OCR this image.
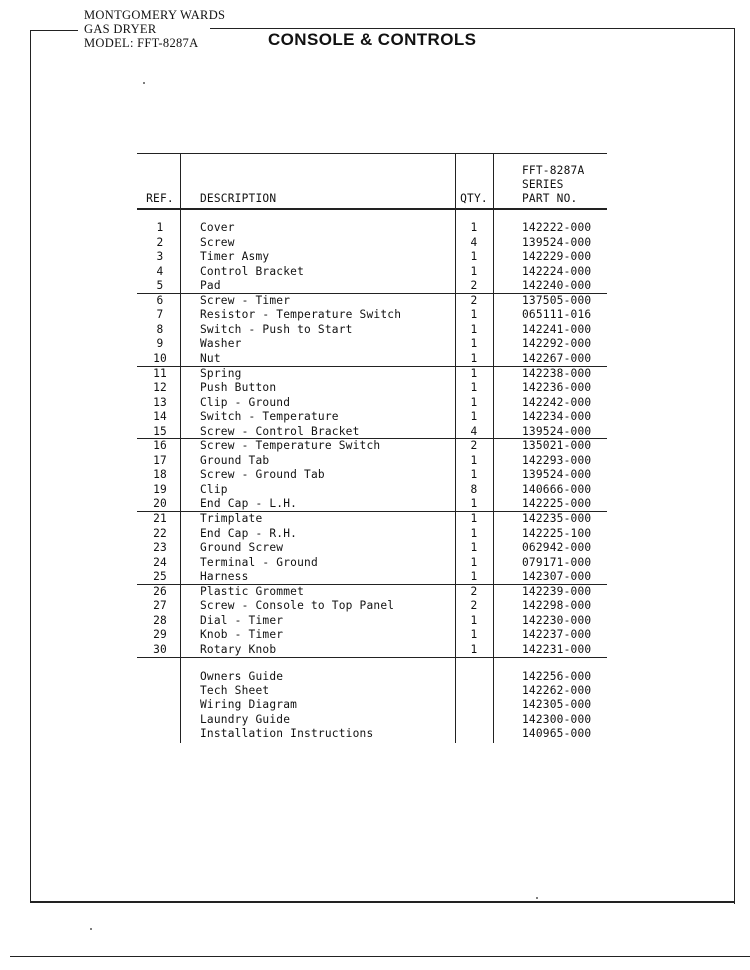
MONTGOMERY WARDS
GAS DRYER
MODEL: FFT-8287A	CONSOLE & CONTROLS
REF.	DESCRIPTION	QTY.
FFT-8287A
SERIES
PART NO.
1	Cover	1	142222-000
2	Screw	4	139524-000
3	Timer Asmy	1	142229-000
4	Control Bracket	1	142224-000
5	Pad	2	142240-000
6	Screw - Timer	2	137505-000
7	Resistor - Temperature Switch	1	065111-016
8	Switch - Push to Start	1	142241-000
9	Washer	1	142292-000
10	Nut	1	142267-000
11	Spring	1	142238-000
12	Push Button	1	142236-000
13	Clip - Ground	1	142242-000
14	Switch - Temperature	1	142234-000
15	Screw - Control Bracket	4	139524-000
16	Screw - Temperature Switch	2	135021-000
17	Ground Tab	1	142293-000
18	Screw - Ground Tab	1	139524-000
19	Clip	8	140666-000
20	End Cap - L.H.	1	142225-000
21	Trimplate	1	142235-000
22	End Cap - R.H.	1	142225-100
23	Ground Screw	1	062942-000
24	Terminal - Ground	1	079171-000
25	Harness	1	142307-000
26	Plastic Grommet	2	142239-000
27	Screw - Console to Top Panel	2	142298-000
28	Dial - Timer	1	142230-000
29	Knob - Timer	1	142237-000
30	Rotary Knob	1	142231-000
Owners Guide	142256-000
Tech Sheet	142262-000
Wiring Diagram	142305-000
Laundry Guide	142300-000
Installation Instructions	140965-000
